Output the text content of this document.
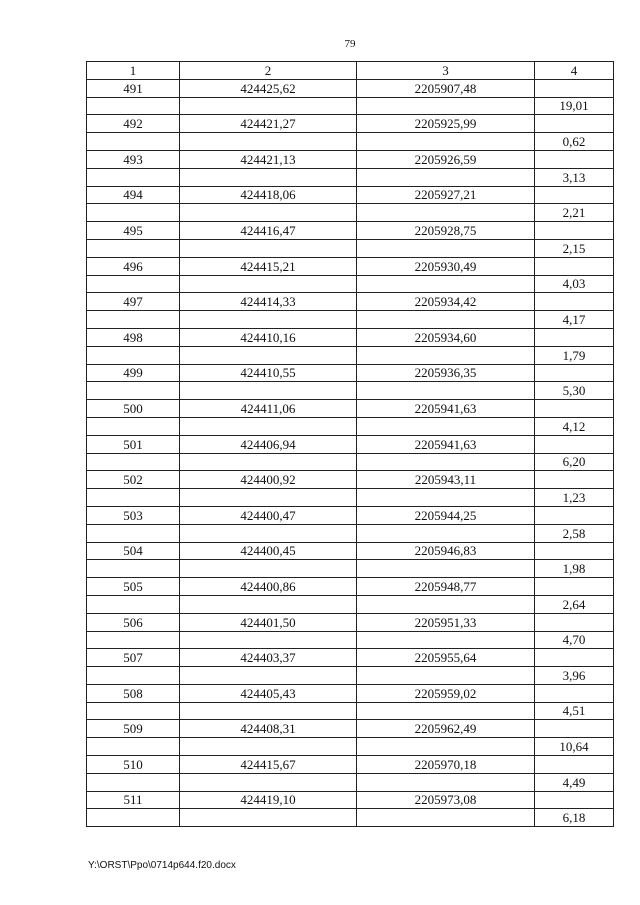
79
1	2	3	4
491	424425,62	2205907,48	
			19,01
492	424421,27	2205925,99	
			0,62
493	424421,13	2205926,59	
			3,13
494	424418,06	2205927,21	
			2,21
495	424416,47	2205928,75	
			2,15
496	424415,21	2205930,49	
			4,03
497	424414,33	2205934,42	
			4,17
498	424410,16	2205934,60	
			1,79
499	424410,55	2205936,35	
			5,30
500	424411,06	2205941,63	
			4,12
501	424406,94	2205941,63	
			6,20
502	424400,92	2205943,11	
			1,23
503	424400,47	2205944,25	
			2,58
504	424400,45	2205946,83	
			1,98
505	424400,86	2205948,77	
			2,64
506	424401,50	2205951,33	
			4,70
507	424403,37	2205955,64	
			3,96
508	424405,43	2205959,02	
			4,51
509	424408,31	2205962,49	
			10,64
510	424415,67	2205970,18	
			4,49
511	424419,10	2205973,08	
			6,18
Y:\ORST\Ppo\0714p644.f20.docx
